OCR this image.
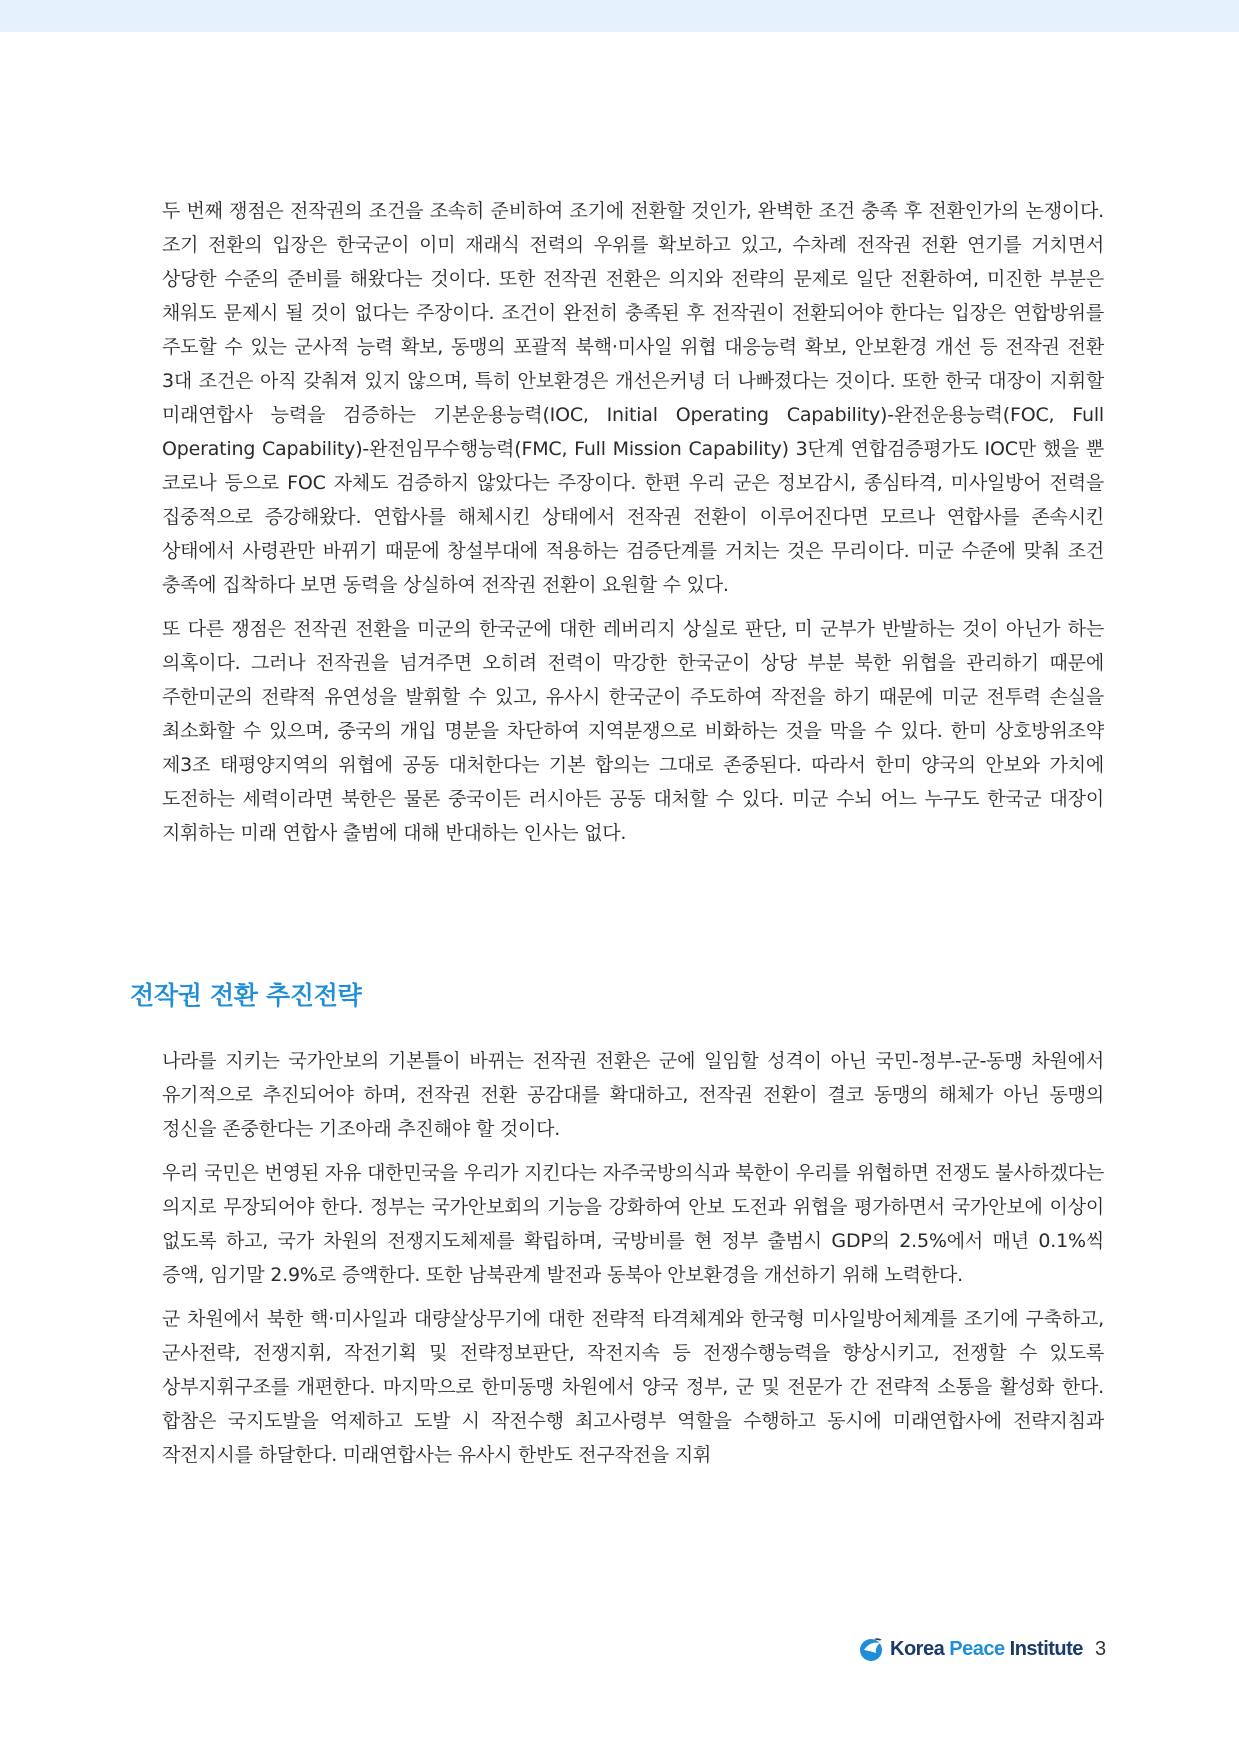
두 번째 쟁점은 전작권의 조건을 조속히 준비하여 조기에 전환할 것인가, 완벽한 조건 충족 후 전환인가의 논쟁이다. 조기 전환의 입장은 한국군이 이미 재래식 전력의 우위를 확보하고 있고, 수차례 전작권 전환 연기를 거치면서 상당한 수준의 준비를 해왔다는 것이다. 또한 전작권 전환은 의지와 전략의 문제로 일단 전환하여, 미진한 부분은 채워도 문제시 될 것이 없다는 주장이다. 조건이 완전히 충족된 후 전작권이 전환되어야 한다는 입장은 연합방위를 주도할 수 있는 군사적 능력 확보, 동맹의 포괄적 북핵·미사일 위협 대응능력 확보, 안보환경 개선 등 전작권 전환 3대 조건은 아직 갖춰져 있지 않으며, 특히 안보환경은 개선은커녕 더 나빠졌다는 것이다. 또한 한국 대장이 지휘할 미래연합사 능력을 검증하는 기본운용능력(IOC, Initial Operating Capability)-완전운용능력(FOC, Full Operating Capability)-완전임무수행능력(FMC, Full Mission Capability) 3단계 연합검증평가도 IOC만 했을 뿐 코로나 등으로 FOC 자체도 검증하지 않았다는 주장이다. 한편 우리 군은 정보감시, 종심타격, 미사일방어 전력을 집중적으로 증강해왔다. 연합사를 해체시킨 상태에서 전작권 전환이 이루어진다면 모르나 연합사를 존속시킨 상태에서 사령관만 바뀌기 때문에 창설부대에 적용하는 검증단계를 거치는 것은 무리이다. 미군 수준에 맞춰 조건 충족에 집착하다 보면 동력을 상실하여 전작권 전환이 요원할 수 있다.

또 다른 쟁점은 전작권 전환을 미군의 한국군에 대한 레버리지 상실로 판단, 미 군부가 반발하는 것이 아닌가 하는 의혹이다. 그러나 전작권을 넘겨주면 오히려 전력이 막강한 한국군이 상당 부분 북한 위협을 관리하기 때문에 주한미군의 전략적 유연성을 발휘할 수 있고, 유사시 한국군이 주도하여 작전을 하기 때문에 미군 전투력 손실을 최소화할 수 있으며, 중국의 개입 명분을 차단하여 지역분쟁으로 비화하는 것을 막을 수 있다. 한미 상호방위조약 제3조 태평양지역의 위협에 공동 대처한다는 기본 합의는 그대로 존중된다. 따라서 한미 양국의 안보와 가치에 도전하는 세력이라면 북한은 물론 중국이든 러시아든 공동 대처할 수 있다. 미군 수뇌 어느 누구도 한국군 대장이 지휘하는 미래 연합사 출범에 대해 반대하는 인사는 없다.

전작권 전환 추진전략

나라를 지키는 국가안보의 기본틀이 바뀌는 전작권 전환은 군에 일임할 성격이 아닌 국민-정부-군-동맹 차원에서 유기적으로 추진되어야 하며, 전작권 전환 공감대를 확대하고, 전작권 전환이 결코 동맹의 해체가 아닌 동맹의 정신을 존중한다는 기조아래 추진해야 할 것이다.

우리 국민은 번영된 자유 대한민국을 우리가 지킨다는 자주국방의식과 북한이 우리를 위협하면 전쟁도 불사하겠다는 의지로 무장되어야 한다. 정부는 국가안보회의 기능을 강화하여 안보 도전과 위협을 평가하면서 국가안보에 이상이 없도록 하고, 국가 차원의 전쟁지도체제를 확립하며, 국방비를 현 정부 출범시 GDP의 2.5%에서 매년 0.1%씩 증액, 임기말 2.9%로 증액한다. 또한 남북관계 발전과 동북아 안보환경을 개선하기 위해 노력한다.

군 차원에서 북한 핵·미사일과 대량살상무기에 대한 전략적 타격체계와 한국형 미사일방어체계를 조기에 구축하고, 군사전략, 전쟁지휘, 작전기획 및 전략정보판단, 작전지속 등 전쟁수행능력을 향상시키고, 전쟁할 수 있도록 상부지휘구조를 개편한다. 마지막으로 한미동맹 차원에서 양국 정부, 군 및 전문가 간 전략적 소통을 활성화 한다. 합참은 국지도발을 억제하고 도발 시 작전수행 최고사령부 역할을 수행하고 동시에 미래연합사에 전략지침과 작전지시를 하달한다. 미래연합사는 유사시 한반도 전구작전을 지휘

Korea Peace Institute 3
